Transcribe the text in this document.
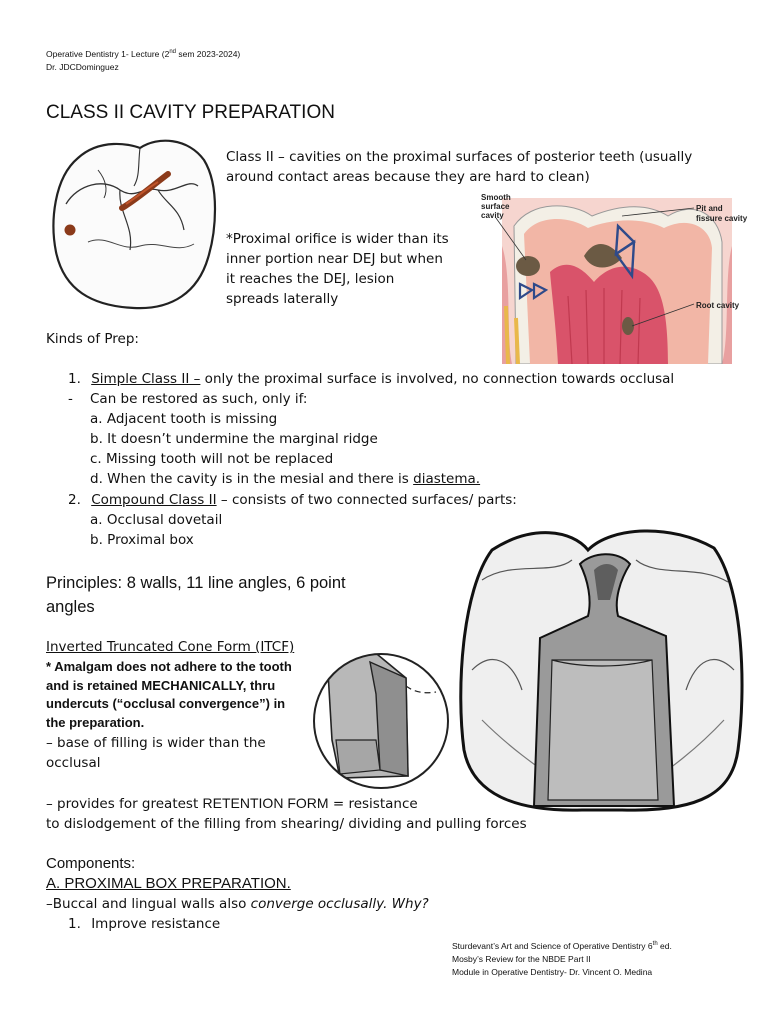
Operative Dentistry 1- Lecture (2nd sem 2023-2024)
Dr. JDCDominguez
CLASS II CAVITY PREPARATION
Class II – cavities on the proximal surfaces of posterior teeth (usually
around contact areas because they are hard to clean)
*Proximal orifice is wider than its
inner portion near DEJ but when
it reaches the DEJ, lesion
spreads laterally
Smooth
surface
cavity
Pit and
fissure cavity
Root cavity
Kinds of Prep:
1. Simple Class II – only the proximal surface is involved, no connection towards occlusal
- Can be restored as such, only if:
a. Adjacent tooth is missing
b. It doesn’t undermine the marginal ridge
c. Missing tooth will not be replaced
d. When the cavity is in the mesial and there is diastema.
2. Compound Class II – consists of two connected surfaces/ parts:
a. Occlusal dovetail
b. Proximal box
Principles: 8 walls, 11 line angles, 6 point
angles
Inverted Truncated Cone Form (ITCF)
* Amalgam does not adhere to the tooth
and is retained MECHANICALLY, thru
undercuts (“occlusal convergence”) in
the preparation.
– base of filling is wider than the
occlusal
– provides for greatest RETENTION FORM = resistance
to dislodgement of the filling from shearing/ dividing and pulling forces
Components:
A. PROXIMAL BOX PREPARATION.
–Buccal and lingual walls also converge occlusally. Why?
1. Improve resistance
Sturdevant’s Art and Science of Operative Dentistry 6th ed.
Mosby’s Review for the NBDE Part II
Module in Operative Dentistry- Dr. Vincent O. Medina
